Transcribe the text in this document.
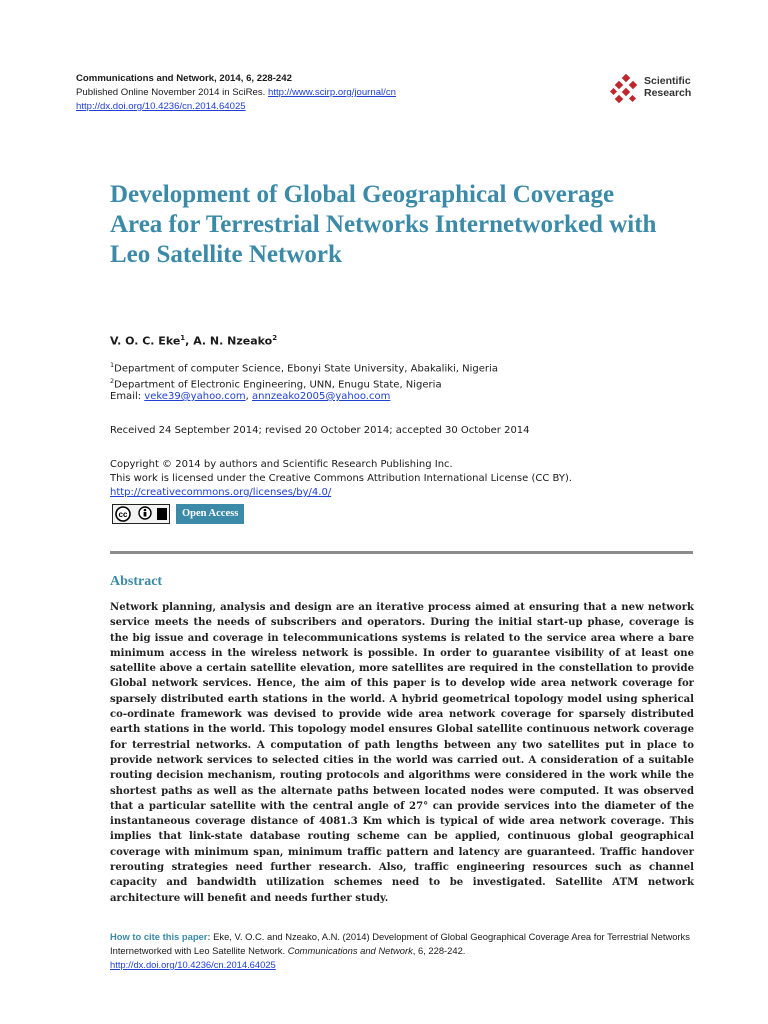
Communications and Network, 2014, 6, 228-242
Published Online November 2014 in SciRes. http://www.scirp.org/journal/cn
http://dx.doi.org/10.4236/cn.2014.64025
Scientific
Research
Development of Global Geographical Coverage Area for Terrestrial Networks Internetworked with Leo Satellite Network
V. O. C. Eke$^1$, A. N. Nzeako$^2$
$^1$Department of computer Science, Ebonyi State University, Abakaliki, Nigeria
$^2$Department of Electronic Engineering, UNN, Enugu State, Nigeria
Email: veke39@yahoo.com, annzeako2005@yahoo.com
Received 24 September 2014; revised 20 October 2014; accepted 30 October 2014
Copyright © 2014 by authors and Scientific Research Publishing Inc.
This work is licensed under the Creative Commons Attribution International License (CC BY).
http://creativecommons.org/licenses/by/4.0/
cc	Open Access
Abstract
Network planning, analysis and design are an iterative process aimed at ensuring that a new network service meets the needs of subscribers and operators. During the initial start-up phase, coverage is the big issue and coverage in telecommunications systems is related to the service area where a bare minimum access in the wireless network is possible. In order to guarantee visibility of at least one satellite above a certain satellite elevation, more satellites are required in the constellation to provide Global network services. Hence, the aim of this paper is to develop wide area network coverage for sparsely distributed earth stations in the world. A hybrid geometrical topology model using spherical co-ordinate framework was devised to provide wide area network coverage for sparsely distributed earth stations in the world. This topology model ensures Global satellite continuous network coverage for terrestrial networks. A computation of path lengths between any two satellites put in place to provide network services to selected cities in the world was carried out. A consideration of a suitable routing decision mechanism, routing protocols and algorithms were considered in the work while the shortest paths as well as the alternate paths between located nodes were computed. It was observed that a particular satellite with the central angle of 27° can provide services into the diameter of the instantaneous coverage distance of 4081.3 Km which is typical of wide area network coverage. This implies that link-state database routing scheme can be applied, continuous global geographical coverage with minimum span, minimum traffic pattern and latency are guaranteed. Traffic handover rerouting strategies need further research. Also, traffic engineering resources such as channel capacity and bandwidth utilization schemes need to be investigated. Satellite ATM network architecture will benefit and needs further study.
How to cite this paper: Eke, V. O.C. and Nzeako, A.N. (2014) Development of Global Geographical Coverage Area for Terrestrial Networks Internetworked with Leo Satellite Network. Communications and Network, 6, 228-242.
http://dx.doi.org/10.4236/cn.2014.64025
